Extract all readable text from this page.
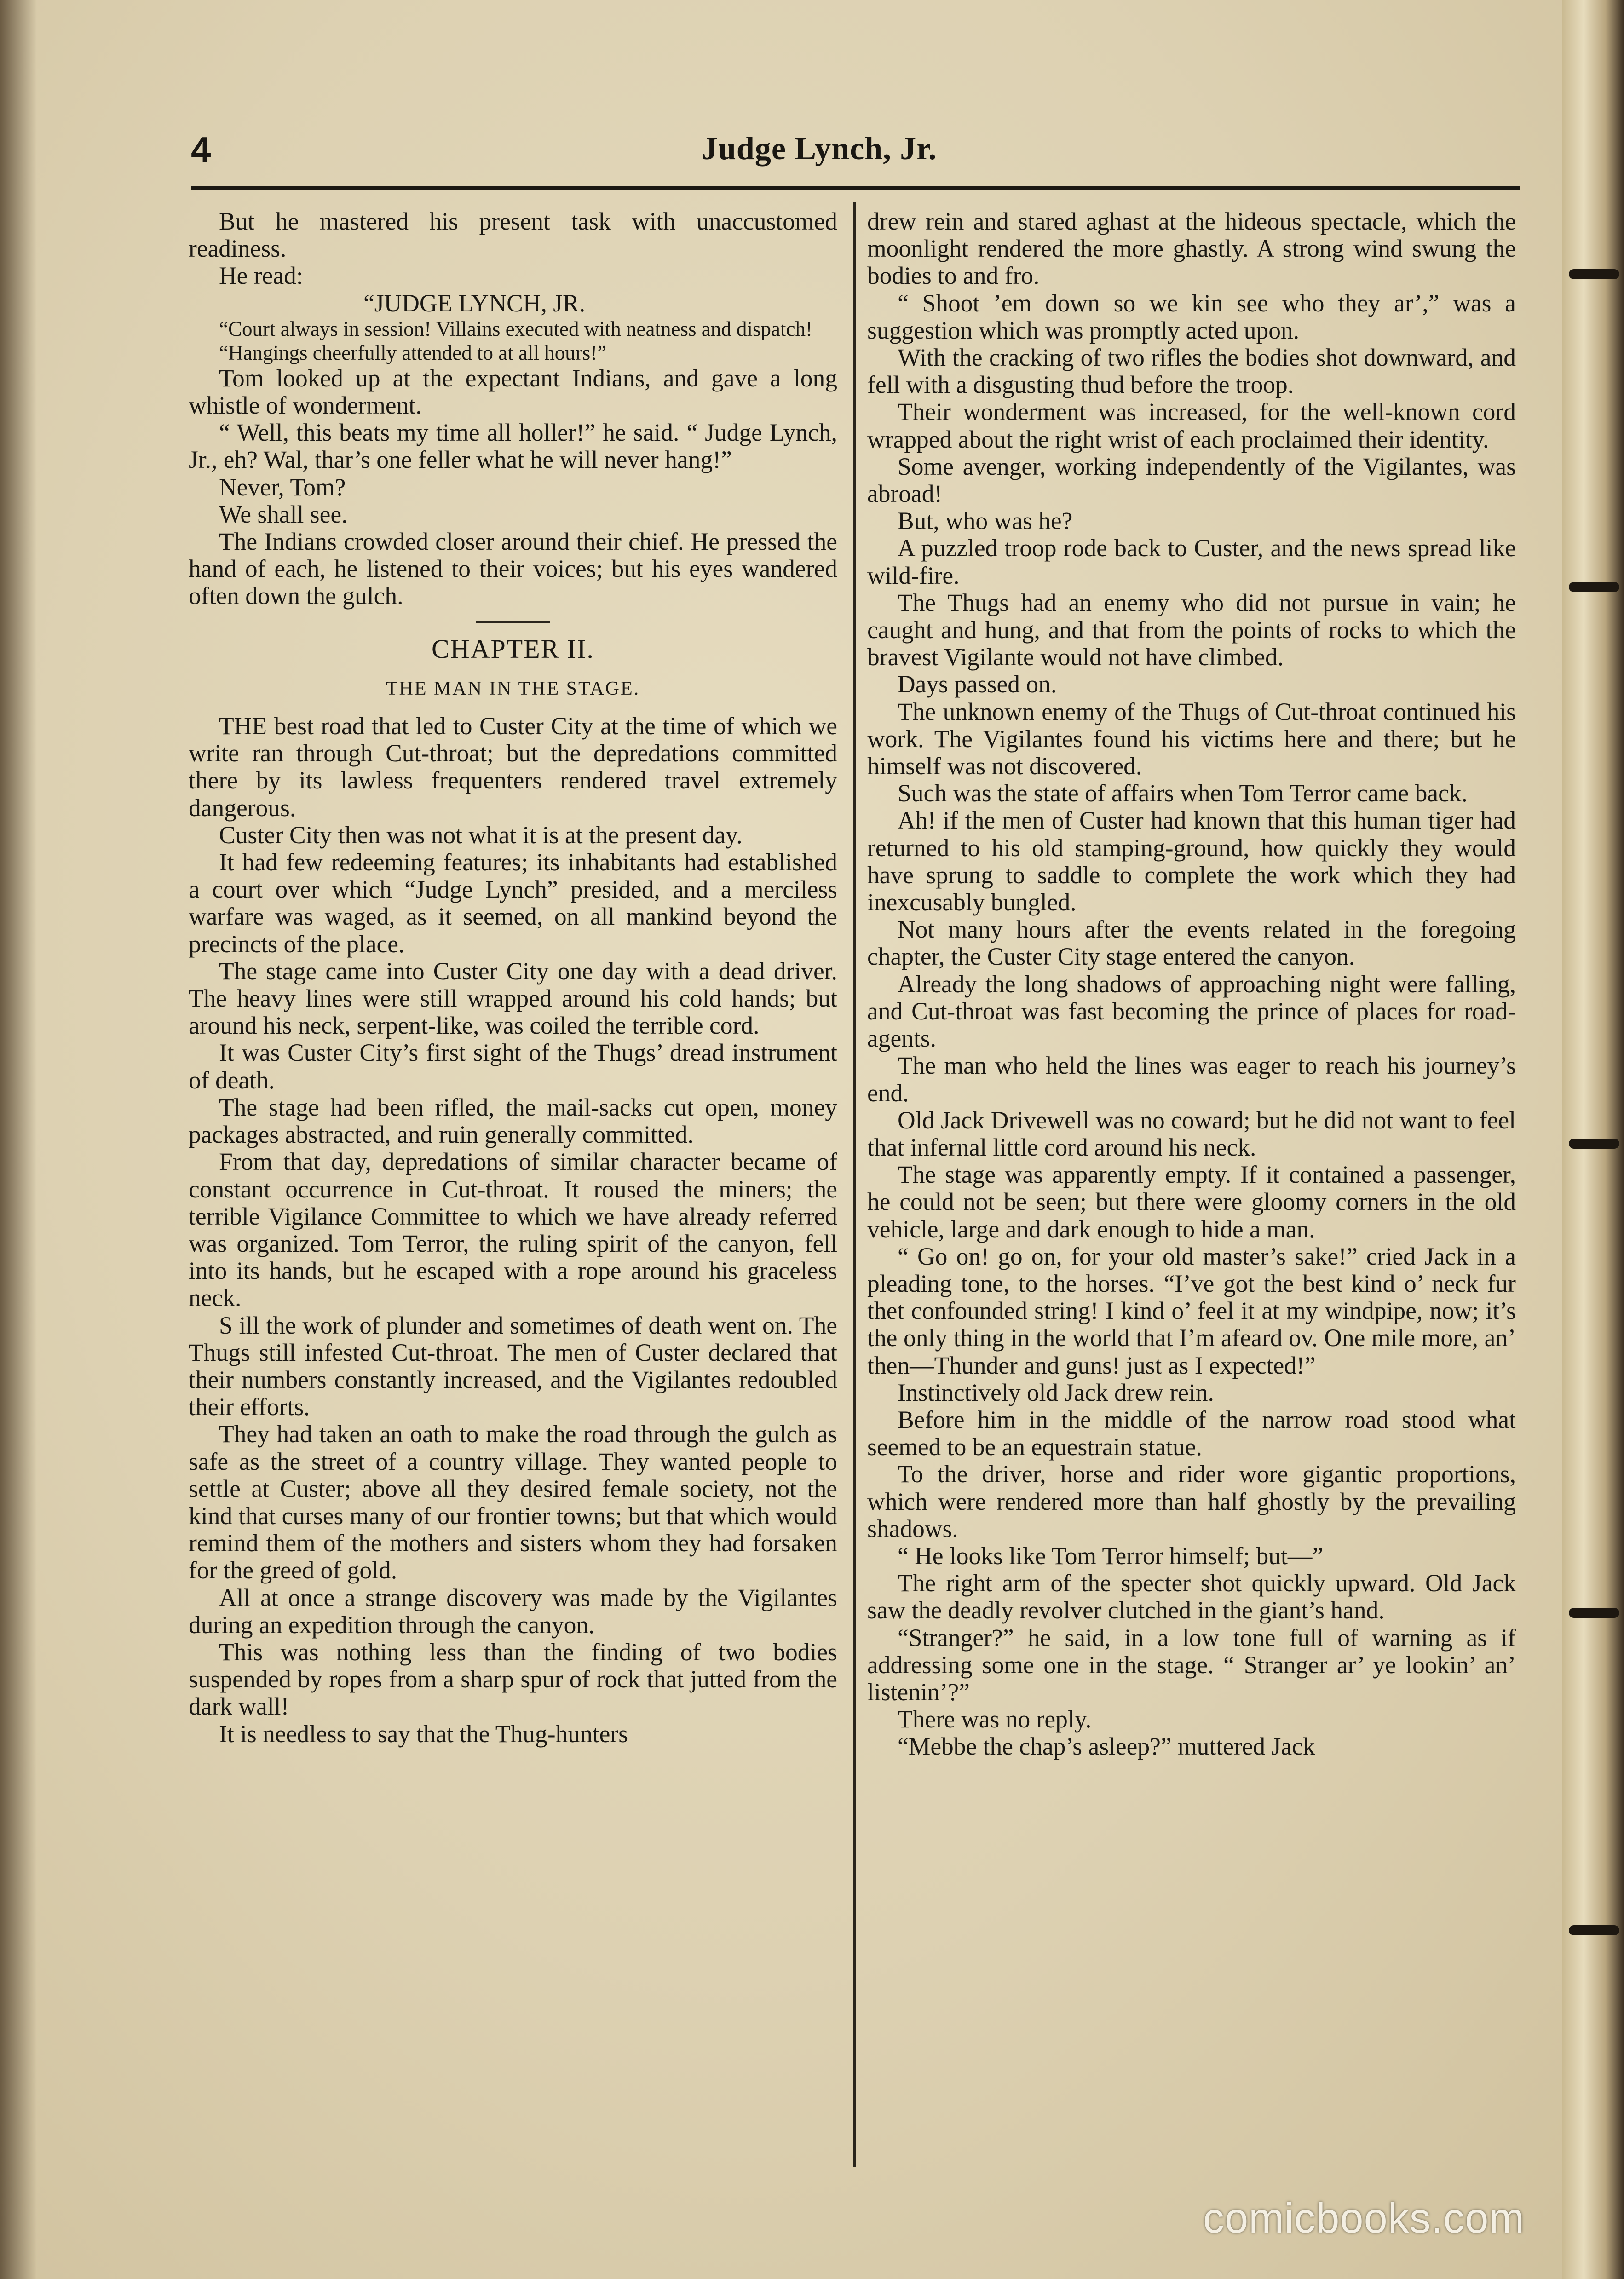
4	Judge Lynch, Jr.

But he mastered his present task with unaccustomed readiness.

He read:

“JUDGE LYNCH, JR.

“Court always in session! Villains executed with neatness and dispatch!

“Hangings cheerfully attended to at all hours!”

Tom looked up at the expectant Indians, and gave a long whistle of wonderment.

“ Well, this beats my time all holler!” he said. “ Judge Lynch, Jr., eh? Wal, thar’s one feller what he will never hang!”

Never, Tom?

We shall see.

The Indians crowded closer around their chief. He pressed the hand of each, he listened to their voices; but his eyes wandered often down the gulch.

CHAPTER II.
THE MAN IN THE STAGE.

THE best road that led to Custer City at the time of which we write ran through Cut-throat; but the depredations committed there by its lawless frequenters rendered travel extremely dangerous.

Custer City then was not what it is at the present day.

It had few redeeming features; its inhabitants had established a court over which “Judge Lynch” presided, and a merciless warfare was waged, as it seemed, on all mankind beyond the precincts of the place.

The stage came into Custer City one day with a dead driver. The heavy lines were still wrapped around his cold hands; but around his neck, serpent-like, was coiled the terrible cord.

It was Custer City’s first sight of the Thugs’ dread instrument of death.

The stage had been rifled, the mail-sacks cut open, money packages abstracted, and ruin generally committed.

From that day, depredations of similar character became of constant occurrence in Cut-throat. It roused the miners; the terrible Vigilance Committee to which we have already referred was organized. Tom Terror, the ruling spirit of the canyon, fell into its hands, but he escaped with a rope around his graceless neck.

S ill the work of plunder and sometimes of death went on. The Thugs still infested Cut-throat. The men of Custer declared that their numbers constantly increased, and the Vigilantes redoubled their efforts.

They had taken an oath to make the road through the gulch as safe as the street of a country village. They wanted people to settle at Custer; above all they desired female society, not the kind that curses many of our frontier towns; but that which would remind them of the mothers and sisters whom they had forsaken for the greed of gold.

All at once a strange discovery was made by the Vigilantes during an expedition through the canyon.

This was nothing less than the finding of two bodies suspended by ropes from a sharp spur of rock that jutted from the dark wall!

It is needless to say that the Thug-hunters

drew rein and stared aghast at the hideous spectacle, which the moonlight rendered the more ghastly. A strong wind swung the bodies to and fro.

“ Shoot ’em down so we kin see who they ar’,” was a suggestion which was promptly acted upon.

With the cracking of two rifles the bodies shot downward, and fell with a disgusting thud before the troop.

Their wonderment was increased, for the well-known cord wrapped about the right wrist of each proclaimed their identity.

Some avenger, working independently of the Vigilantes, was abroad!

But, who was he?

A puzzled troop rode back to Custer, and the news spread like wild-fire.

The Thugs had an enemy who did not pursue in vain; he caught and hung, and that from the points of rocks to which the bravest Vigilante would not have climbed.

Days passed on.

The unknown enemy of the Thugs of Cut-throat continued his work. The Vigilantes found his victims here and there; but he himself was not discovered.

Such was the state of affairs when Tom Terror came back.

Ah! if the men of Custer had known that this human tiger had returned to his old stamping-ground, how quickly they would have sprung to saddle to complete the work which they had inexcusably bungled.

Not many hours after the events related in the foregoing chapter, the Custer City stage entered the canyon.

Already the long shadows of approaching night were falling, and Cut-throat was fast becoming the prince of places for road-agents.

The man who held the lines was eager to reach his journey’s end.

Old Jack Drivewell was no coward; but he did not want to feel that infernal little cord around his neck.

The stage was apparently empty. If it contained a passenger, he could not be seen; but there were gloomy corners in the old vehicle, large and dark enough to hide a man.

“ Go on! go on, for your old master’s sake!” cried Jack in a pleading tone, to the horses. “I’ve got the best kind o’ neck fur thet confounded string! I kind o’ feel it at my windpipe, now; it’s the only thing in the world that I’m afeard ov. One mile more, an’ then—Thunder and guns! just as I expected!”

Instinctively old Jack drew rein.

Before him in the middle of the narrow road stood what seemed to be an equestrain statue.

To the driver, horse and rider wore gigantic proportions, which were rendered more than half ghostly by the prevailing shadows.

“ He looks like Tom Terror himself; but—”

The right arm of the specter shot quickly upward. Old Jack saw the deadly revolver clutched in the giant’s hand.

“Stranger?” he said, in a low tone full of warning as if addressing some one in the stage. “ Stranger ar’ ye lookin’ an’ listenin’?”

There was no reply.

“Mebbe the chap’s asleep?” muttered Jack

comicbooks.com
